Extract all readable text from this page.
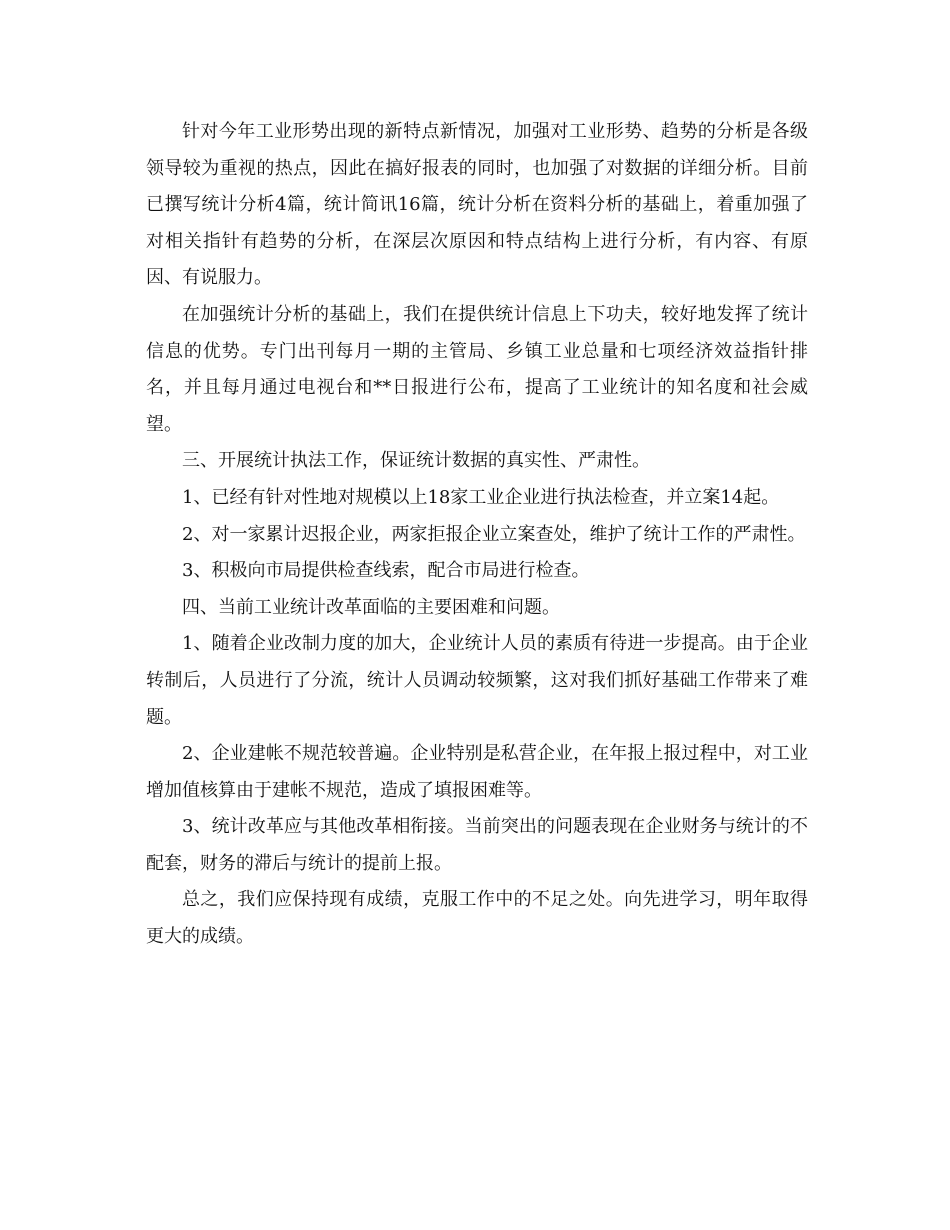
针对今年工业形势出现的新特点新情况，加强对工业形势、趋势的分析是各级领导较为重视的热点，因此在搞好报表的同时，也加强了对数据的详细分析。目前已撰写统计分析4篇，统计简讯16篇，统计分析在资料分析的基础上，着重加强了对相关指针有趋势的分析，在深层次原因和特点结构上进行分析，有内容、有原因、有说服力。

在加强统计分析的基础上，我们在提供统计信息上下功夫，较好地发挥了统计信息的优势。专门出刊每月一期的主管局、乡镇工业总量和七项经济效益指针排名，并且每月通过电视台和**日报进行公布，提高了工业统计的知名度和社会威望。

三、开展统计执法工作，保证统计数据的真实性、严肃性。

1、已经有针对性地对规模以上18家工业企业进行执法检查，并立案14起。

2、对一家累计迟报企业，两家拒报企业立案查处，维护了统计工作的严肃性。

3、积极向市局提供检查线索，配合市局进行检查。

四、当前工业统计改革面临的主要困难和问题。

1、随着企业改制力度的加大，企业统计人员的素质有待进一步提高。由于企业转制后，人员进行了分流，统计人员调动较频繁，这对我们抓好基础工作带来了难题。

2、企业建帐不规范较普遍。企业特别是私营企业，在年报上报过程中，对工业增加值核算由于建帐不规范，造成了填报困难等。

3、统计改革应与其他改革相衔接。当前突出的问题表现在企业财务与统计的不配套，财务的滞后与统计的提前上报。

总之，我们应保持现有成绩，克服工作中的不足之处。向先进学习，明年取得更大的成绩。
